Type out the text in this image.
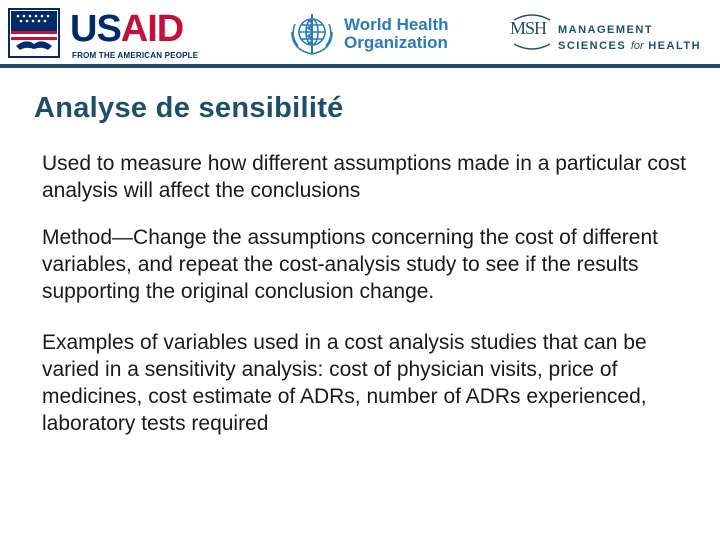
USAID
FROM THE AMERICAN PEOPLE
World Health
Organization
MSH MANAGEMENT
SCIENCES for HEALTH
Analyse de sensibilité

Used to measure how different assumptions made in a particular cost analysis will affect the conclusions

Method—Change the assumptions concerning the cost of different variables, and repeat the cost-analysis study to see if the results supporting the original conclusion change.

Examples of variables used in a cost analysis studies that can be varied in a sensitivity analysis: cost of physician visits, price of medicines, cost estimate of ADRs, number of ADRs experienced, laboratory tests required
